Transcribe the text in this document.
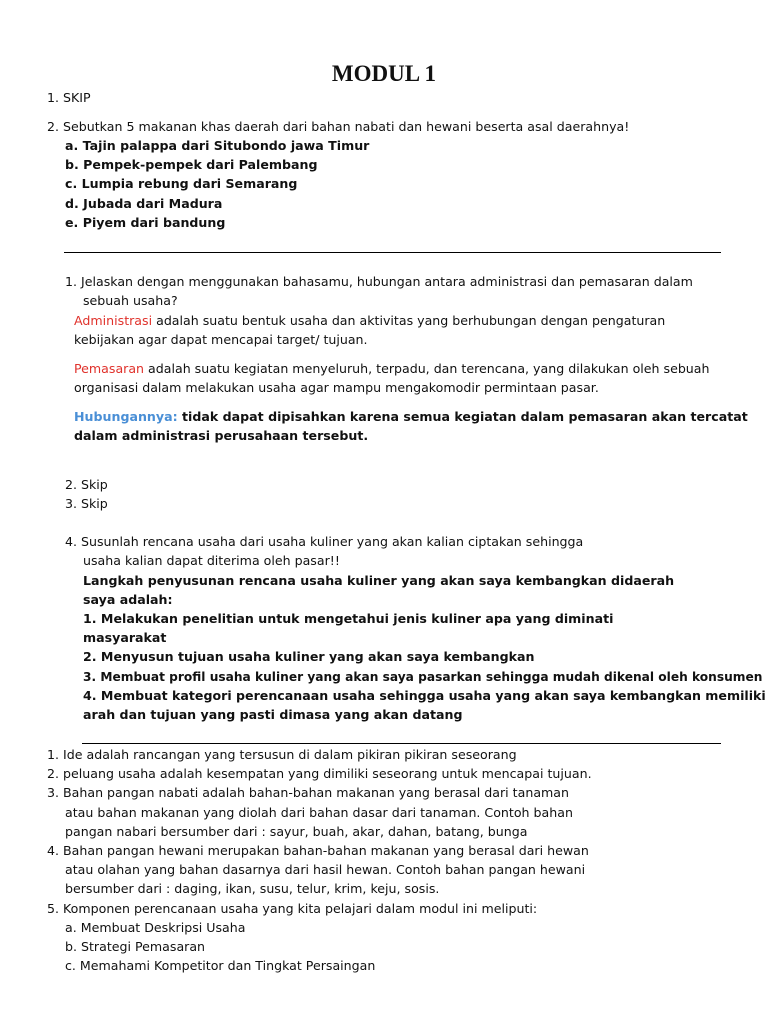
MODUL 1
1. SKIP
2. Sebutkan 5 makanan khas daerah dari bahan nabati dan hewani beserta asal daerahnya!
a. Tajin palappa dari Situbondo jawa Timur
b. Pempek-pempek dari Palembang
c. Lumpia rebung dari Semarang
d. Jubada dari Madura
e. Piyem dari bandung
1. Jelaskan dengan menggunakan bahasamu, hubungan antara administrasi dan pemasaran dalam
sebuah usaha?
Administrasi adalah suatu bentuk usaha dan aktivitas yang berhubungan dengan pengaturan
kebijakan agar dapat mencapai target/ tujuan.
Pemasaran adalah suatu kegiatan menyeluruh, terpadu, dan terencana, yang dilakukan oleh sebuah
organisasi dalam melakukan usaha agar mampu mengakomodir permintaan pasar.
Hubungannya: tidak dapat dipisahkan karena semua kegiatan dalam pemasaran akan tercatat
dalam administrasi perusahaan tersebut.
2. Skip
3. Skip
4. Susunlah rencana usaha dari usaha kuliner yang akan kalian ciptakan sehingga
usaha kalian dapat diterima oleh pasar!!
Langkah penyusunan rencana usaha kuliner yang akan saya kembangkan didaerah
saya adalah:
1. Melakukan penelitian untuk mengetahui jenis kuliner apa yang diminati
masyarakat
2. Menyusun tujuan usaha kuliner yang akan saya kembangkan
3. Membuat profil usaha kuliner yang akan saya pasarkan sehingga mudah dikenal oleh konsumen
4. Membuat kategori perencanaan usaha sehingga usaha yang akan saya kembangkan memiliki
arah dan tujuan yang pasti dimasa yang akan datang
1. Ide adalah rancangan yang tersusun di dalam pikiran pikiran seseorang
2. peluang usaha adalah kesempatan yang dimiliki seseorang untuk mencapai tujuan.
3. Bahan pangan nabati adalah bahan-bahan makanan yang berasal dari tanaman
atau bahan makanan yang diolah dari bahan dasar dari tanaman. Contoh bahan
pangan nabari bersumber dari : sayur, buah, akar, dahan, batang, bunga
4. Bahan pangan hewani merupakan bahan-bahan makanan yang berasal dari hewan
atau olahan yang bahan dasarnya dari hasil hewan. Contoh bahan pangan hewani
bersumber dari : daging, ikan, susu, telur, krim, keju, sosis.
5. Komponen perencanaan usaha yang kita pelajari dalam modul ini meliputi:
a. Membuat Deskripsi Usaha
b. Strategi Pemasaran
c. Memahami Kompetitor dan Tingkat Persaingan
